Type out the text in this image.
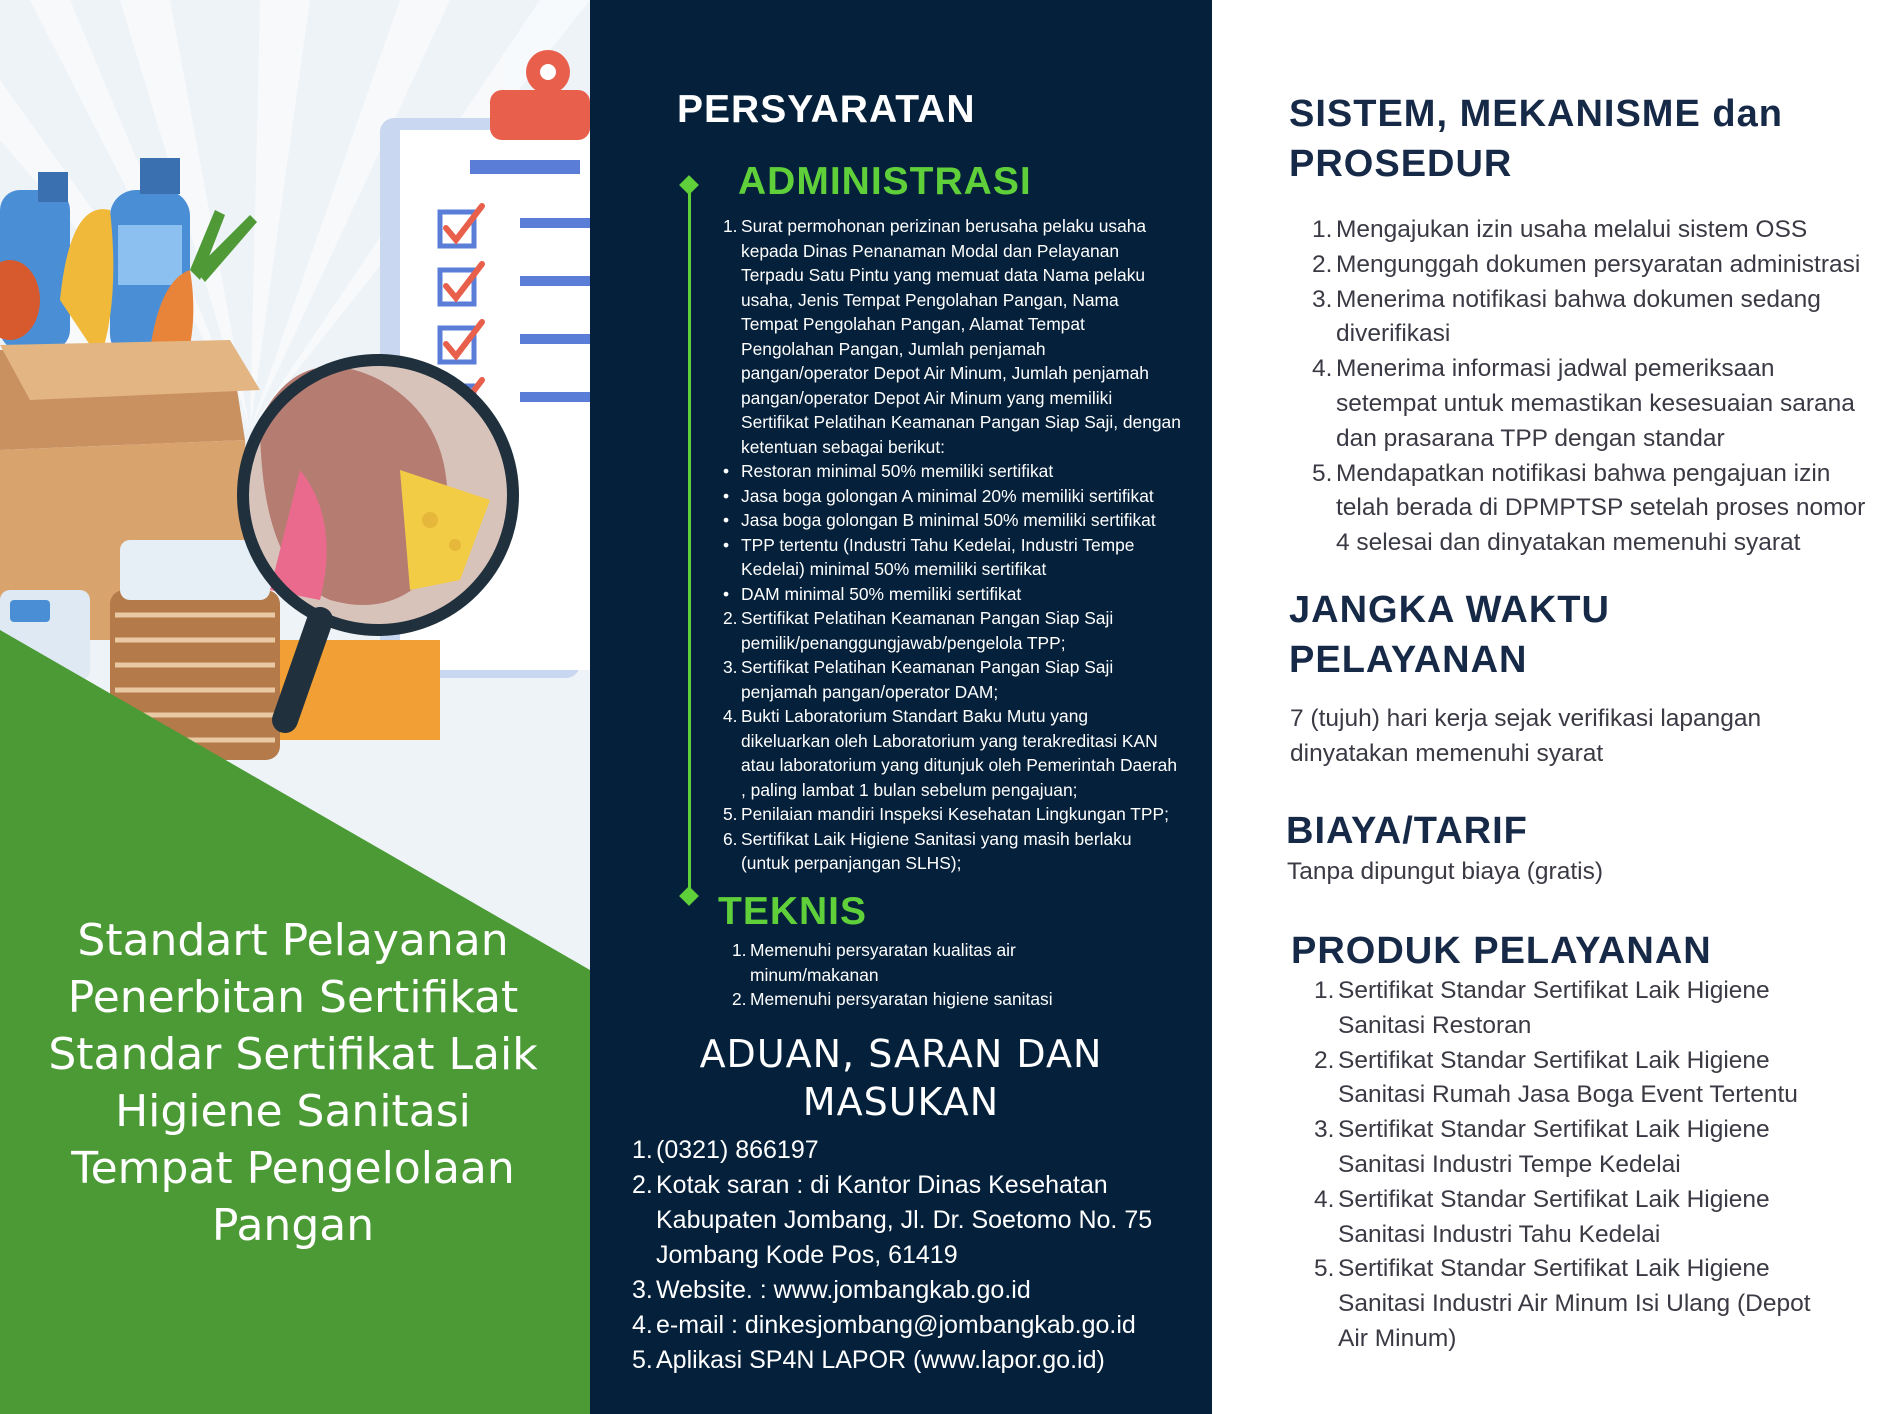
Standart Pelayanan
Penerbitan Sertifikat
Standar Sertifikat Laik
Higiene Sanitasi
Tempat Pengelolaan
Pangan
PERSYARATAN
ADMINISTRASI
1. Surat permohonan perizinan berusaha pelaku usaha
kepada Dinas Penanaman Modal dan Pelayanan
Terpadu Satu Pintu yang memuat data Nama pelaku
usaha, Jenis Tempat Pengolahan Pangan, Nama
Tempat Pengolahan Pangan, Alamat Tempat
Pengolahan Pangan, Jumlah penjamah
pangan/operator Depot Air Minum, Jumlah penjamah
pangan/operator Depot Air Minum yang memiliki
Sertifikat Pelatihan Keamanan Pangan Siap Saji, dengan
ketentuan sebagai berikut:
• Restoran minimal 50% memiliki sertifikat
• Jasa boga golongan A minimal 20% memiliki sertifikat
• Jasa boga golongan B minimal 50% memiliki sertifikat
• TPP tertentu (Industri Tahu Kedelai, Industri Tempe
Kedelai) minimal 50% memiliki sertifikat
• DAM minimal 50% memiliki sertifikat
2. Sertifikat Pelatihan Keamanan Pangan Siap Saji
pemilik/penanggungjawab/pengelola TPP;
3. Sertifikat Pelatihan Keamanan Pangan Siap Saji
penjamah pangan/operator DAM;
4. Bukti Laboratorium Standart Baku Mutu yang
dikeluarkan oleh Laboratorium yang terakreditasi KAN
atau laboratorium yang ditunjuk oleh Pemerintah Daerah
, paling lambat 1 bulan sebelum pengajuan;
5. Penilaian mandiri Inspeksi Kesehatan Lingkungan TPP;
6. Sertifikat Laik Higiene Sanitasi yang masih berlaku
(untuk perpanjangan SLHS);
TEKNIS
1. Memenuhi persyaratan kualitas air
minum/makanan
2. Memenuhi persyaratan higiene sanitasi
ADUAN, SARAN DAN
MASUKAN
1. (0321) 866197
2. Kotak saran : di Kantor Dinas Kesehatan
Kabupaten Jombang, Jl. Dr. Soetomo No. 75
Jombang Kode Pos, 61419
3. Website. : www.jombangkab.go.id
4. e-mail : dinkesjombang@jombangkab.go.id
5. Aplikasi SP4N LAPOR (www.lapor.go.id)
SISTEM, MEKANISME dan
PROSEDUR
1. Mengajukan izin usaha melalui sistem OSS
2. Mengunggah dokumen persyaratan administrasi
3. Menerima notifikasi bahwa dokumen sedang
diverifikasi
4. Menerima informasi jadwal pemeriksaan
setempat untuk memastikan kesesuaian sarana
dan prasarana TPP dengan standar
5. Mendapatkan notifikasi bahwa pengajuan izin
telah berada di DPMPTSP setelah proses nomor
4 selesai dan dinyatakan memenuhi syarat
JANGKA WAKTU
PELAYANAN
7 (tujuh) hari kerja sejak verifikasi lapangan
dinyatakan memenuhi syarat
BIAYA/TARIF
Tanpa dipungut biaya (gratis)
PRODUK PELAYANAN
1. Sertifikat Standar Sertifikat Laik Higiene
Sanitasi Restoran
2. Sertifikat Standar Sertifikat Laik Higiene
Sanitasi Rumah Jasa Boga Event Tertentu
3. Sertifikat Standar Sertifikat Laik Higiene
Sanitasi Industri Tempe Kedelai
4. Sertifikat Standar Sertifikat Laik Higiene
Sanitasi Industri Tahu Kedelai
5. Sertifikat Standar Sertifikat Laik Higiene
Sanitasi Industri Air Minum Isi Ulang (Depot
Air Minum)
